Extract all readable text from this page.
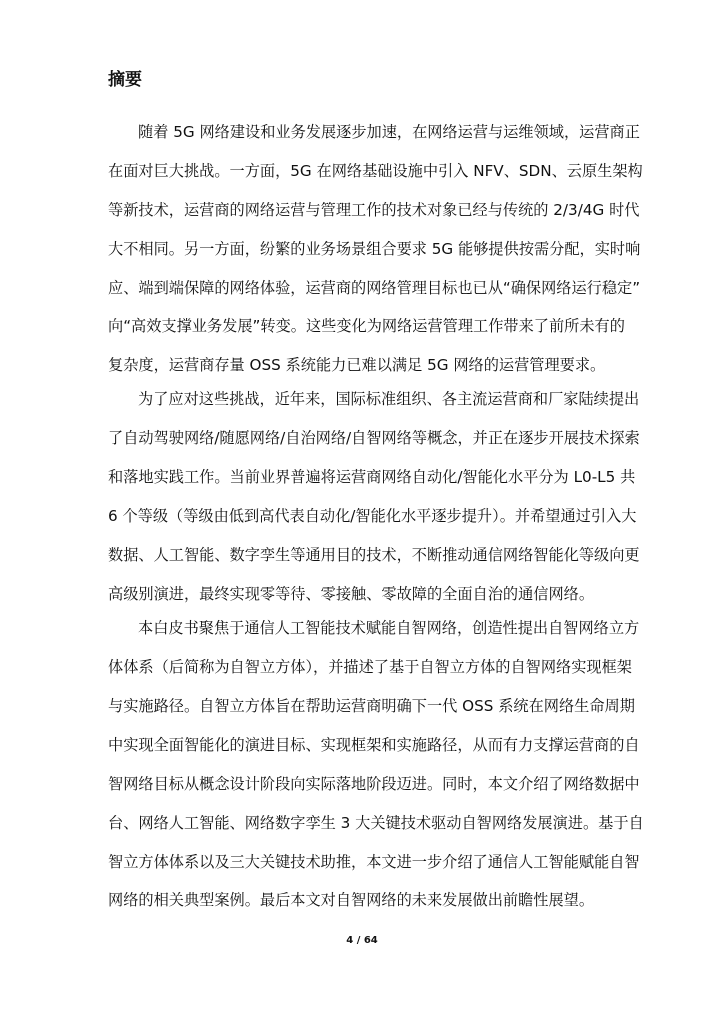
摘要
随着 5G 网络建设和业务发展逐步加速，在网络运营与运维领域，运营商正
在面对巨大挑战。一方面，5G 在网络基础设施中引入 NFV、SDN、云原生架构
等新技术，运营商的网络运营与管理工作的技术对象已经与传统的 2/3/4G 时代
大不相同。另一方面，纷繁的业务场景组合要求 5G 能够提供按需分配，实时响
应、端到端保障的网络体验，运营商的网络管理目标也已从“确保网络运行稳定”
向“高效支撑业务发展”转变。这些变化为网络运营管理工作带来了前所未有的
复杂度，运营商存量 OSS 系统能力已难以满足 5G 网络的运营管理要求。
为了应对这些挑战，近年来，国际标准组织、各主流运营商和厂家陆续提出
了自动驾驶网络/随愿网络/自治网络/自智网络等概念，并正在逐步开展技术探索
和落地实践工作。当前业界普遍将运营商网络自动化/智能化水平分为 L0-L5 共
6 个等级（等级由低到高代表自动化/智能化水平逐步提升）。并希望通过引入大
数据、人工智能、数字孪生等通用目的技术，不断推动通信网络智能化等级向更
高级别演进，最终实现零等待、零接触、零故障的全面自治的通信网络。
本白皮书聚焦于通信人工智能技术赋能自智网络，创造性提出自智网络立方
体体系（后简称为自智立方体），并描述了基于自智立方体的自智网络实现框架
与实施路径。自智立方体旨在帮助运营商明确下一代 OSS 系统在网络生命周期
中实现全面智能化的演进目标、实现框架和实施路径，从而有力支撑运营商的自
智网络目标从概念设计阶段向实际落地阶段迈进。同时，本文介绍了网络数据中
台、网络人工智能、网络数字孪生 3 大关键技术驱动自智网络发展演进。基于自
智立方体体系以及三大关键技术助推，本文进一步介绍了通信人工智能赋能自智
网络的相关典型案例。最后本文对自智网络的未来发展做出前瞻性展望。
4 / 64
